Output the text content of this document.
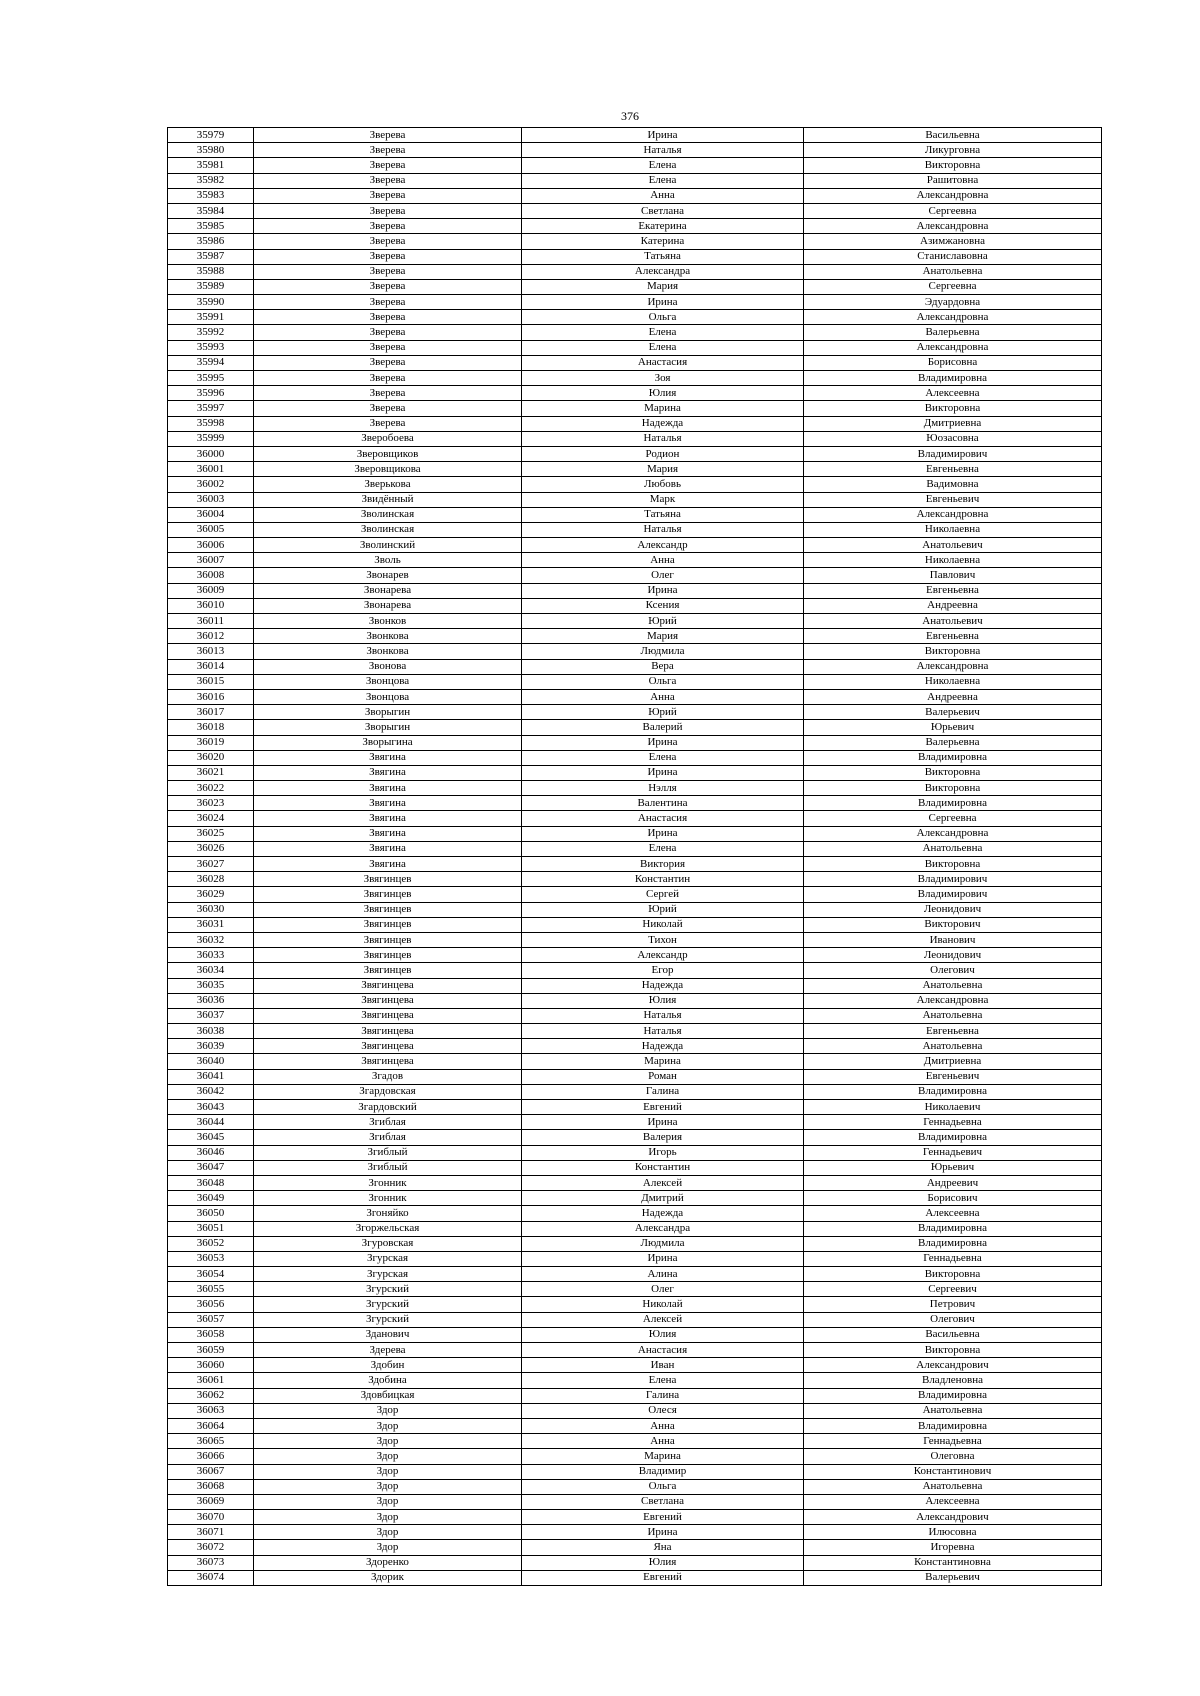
376
35979	Зверева	Ирина	Васильевна
35980	Зверева	Наталья	Ликурговна
35981	Зверева	Елена	Викторовна
35982	Зверева	Елена	Рашитовна
35983	Зверева	Анна	Александровна
35984	Зверева	Светлана	Сергеевна
35985	Зверева	Екатерина	Александровна
35986	Зверева	Катерина	Азимжановна
35987	Зверева	Татьяна	Станиславовна
35988	Зверева	Александра	Анатольевна
35989	Зверева	Мария	Сергеевна
35990	Зверева	Ирина	Эдуардовна
35991	Зверева	Ольга	Александровна
35992	Зверева	Елена	Валерьевна
35993	Зверева	Елена	Александровна
35994	Зверева	Анастасия	Борисовна
35995	Зверева	Зоя	Владимировна
35996	Зверева	Юлия	Алексеевна
35997	Зверева	Марина	Викторовна
35998	Зверева	Надежда	Дмитриевна
35999	Зверобоева	Наталья	Юозасовна
36000	Зверовщиков	Родион	Владимирович
36001	Зверовщикова	Мария	Евгеньевна
36002	Зверькова	Любовь	Вадимовна
36003	Звидённый	Марк	Евгеньевич
36004	Зволинская	Татьяна	Александровна
36005	Зволинская	Наталья	Николаевна
36006	Зволинский	Александр	Анатольевич
36007	Зволь	Анна	Николаевна
36008	Звонарев	Олег	Павлович
36009	Звонарева	Ирина	Евгеньевна
36010	Звонарева	Ксения	Андреевна
36011	Звонков	Юрий	Анатольевич
36012	Звонкова	Мария	Евгеньевна
36013	Звонкова	Людмила	Викторовна
36014	Звонова	Вера	Александровна
36015	Звонцова	Ольга	Николаевна
36016	Звонцова	Анна	Андреевна
36017	Зворыгин	Юрий	Валерьевич
36018	Зворыгин	Валерий	Юрьевич
36019	Зворыгина	Ирина	Валерьевна
36020	Звягина	Елена	Владимировна
36021	Звягина	Ирина	Викторовна
36022	Звягина	Нэлля	Викторовна
36023	Звягина	Валентина	Владимировна
36024	Звягина	Анастасия	Сергеевна
36025	Звягина	Ирина	Александровна
36026	Звягина	Елена	Анатольевна
36027	Звягина	Виктория	Викторовна
36028	Звягинцев	Константин	Владимирович
36029	Звягинцев	Сергей	Владимирович
36030	Звягинцев	Юрий	Леонидович
36031	Звягинцев	Николай	Викторович
36032	Звягинцев	Тихон	Иванович
36033	Звягинцев	Александр	Леонидович
36034	Звягинцев	Егор	Олегович
36035	Звягинцева	Надежда	Анатольевна
36036	Звягинцева	Юлия	Александровна
36037	Звягинцева	Наталья	Анатольевна
36038	Звягинцева	Наталья	Евгеньевна
36039	Звягинцева	Надежда	Анатольевна
36040	Звягинцева	Марина	Дмитриевна
36041	Згадов	Роман	Евгеньевич
36042	Згардовская	Галина	Владимировна
36043	Згардовский	Евгений	Николаевич
36044	Згиблая	Ирина	Геннадьевна
36045	Згиблая	Валерия	Владимировна
36046	Згиблый	Игорь	Геннадьевич
36047	Згиблый	Константин	Юрьевич
36048	Згонник	Алексей	Андреевич
36049	Згонник	Дмитрий	Борисович
36050	Згоняйко	Надежда	Алексеевна
36051	Згоржельская	Александра	Владимировна
36052	Згуровская	Людмила	Владимировна
36053	Згурская	Ирина	Геннадьевна
36054	Згурская	Алина	Викторовна
36055	Згурский	Олег	Сергеевич
36056	Згурский	Николай	Петрович
36057	Згурский	Алексей	Олегович
36058	Зданович	Юлия	Васильевна
36059	Здерева	Анастасия	Викторовна
36060	Здобин	Иван	Александрович
36061	Здобина	Елена	Владленовна
36062	Здовбицкая	Галина	Владимировна
36063	Здор	Олеся	Анатольевна
36064	Здор	Анна	Владимировна
36065	Здор	Анна	Геннадьевна
36066	Здор	Марина	Олеговна
36067	Здор	Владимир	Константинович
36068	Здор	Ольга	Анатольевна
36069	Здор	Светлана	Алексеевна
36070	Здор	Евгений	Александрович
36071	Здор	Ирина	Илюсовна
36072	Здор	Яна	Игоревна
36073	Здоренко	Юлия	Константиновна
36074	Здорик	Евгений	Валерьевич
